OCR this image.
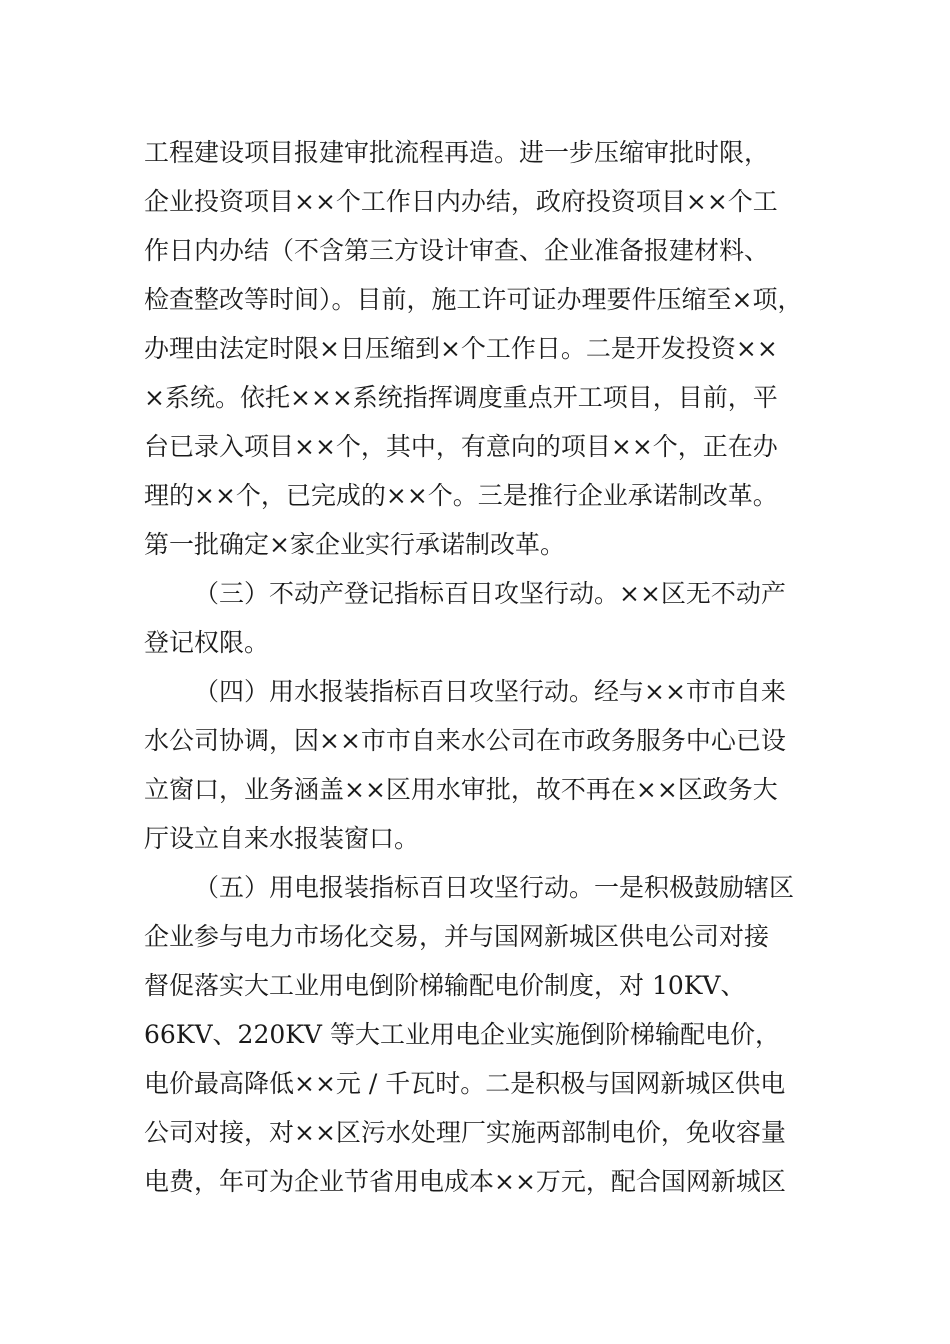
工程建设项目报建审批流程再造。进一步压缩审批时限，
企业投资项目××个工作日内办结，政府投资项目××个工
作日内办结（不含第三方设计审查、企业准备报建材料、
检查整改等时间）。目前，施工许可证办理要件压缩至×项，
办理由法定时限×日压缩到×个工作日。二是开发投资××
×系统。依托×××系统指挥调度重点开工项目，目前，平
台已录入项目××个，其中，有意向的项目××个，正在办
理的××个，已完成的××个。三是推行企业承诺制改革。
第一批确定×家企业实行承诺制改革。
（三）不动产登记指标百日攻坚行动。××区无不动产
登记权限。
（四）用水报装指标百日攻坚行动。经与××市市自来
水公司协调，因××市市自来水公司在市政务服务中心已设
立窗口，业务涵盖××区用水审批，故不再在××区政务大
厅设立自来水报装窗口。
（五）用电报装指标百日攻坚行动。一是积极鼓励辖区
企业参与电力市场化交易，并与国网新城区供电公司对接
督促落实大工业用电倒阶梯输配电价制度，对 10KV、
66KV、220KV 等大工业用电企业实施倒阶梯输配电价，
电价最高降低××元 / 千瓦时。二是积极与国网新城区供电
公司对接，对××区污水处理厂实施两部制电价，免收容量
电费，年可为企业节省用电成本××万元，配合国网新城区
